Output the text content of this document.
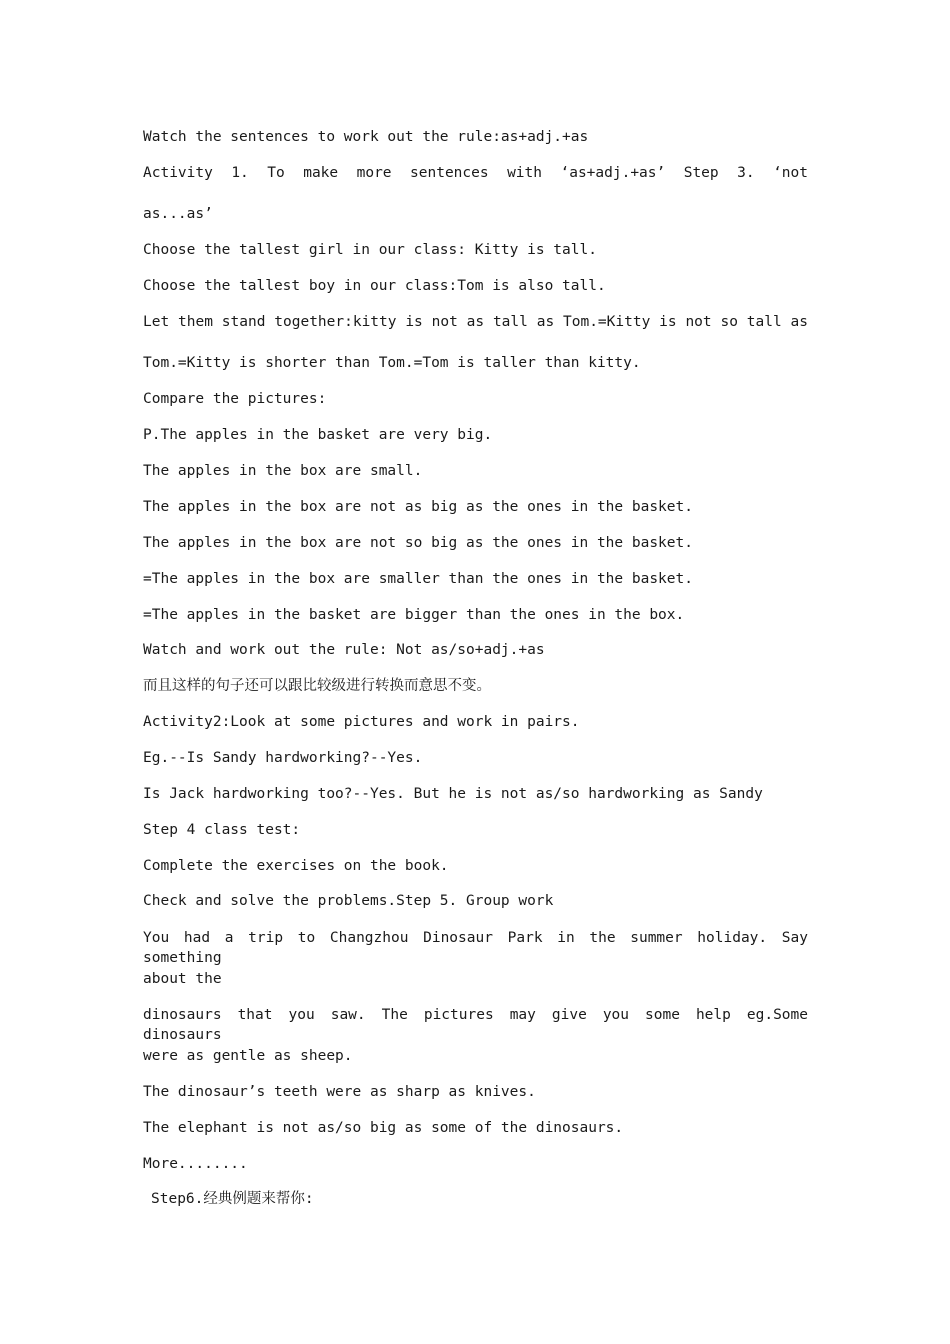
Watch the sentences to work out the rule:as+adj.+as
Activity 1. To make more sentences with ‘as+adj.+as’ Step 3. ‘not
as...as’
Choose the tallest girl in our class: Kitty is tall.
Choose the tallest boy in our class:Tom is also tall.
Let them stand together:kitty is not as tall as Tom.=Kitty is not so tall as
Tom.=Kitty is shorter than Tom.=Tom is taller than kitty.
Compare the pictures:
P.The apples in the basket are very big.
The apples in the box are small.
The apples in the box are not as big as the ones in the basket.
The apples in the box are not so big as the ones in the basket.
=The apples in the box are smaller than the ones in the basket.
=The apples in the basket are bigger than the ones in the box.
Watch and work out the rule: Not as/so+adj.+as
而且这样的句子还可以跟比较级进行转换而意思不变。
Activity2:Look at some pictures and work in pairs.
Eg.--Is Sandy hardworking?--Yes.
Is Jack hardworking too?--Yes. But he is not as/so hardworking as Sandy
Step 4 class test:
Complete the exercises on the book.
Check and solve the problems.Step 5. Group work
You had a trip to Changzhou Dinosaur Park in the summer holiday. Say something
about the
dinosaurs that you saw. The pictures may give you some help eg.Some dinosaurs
were as gentle as sheep.
The dinosaur’s teeth were as sharp as knives.
The elephant is not as/so big as some of the dinosaurs.
More........
Step6.经典例题来帮你:
